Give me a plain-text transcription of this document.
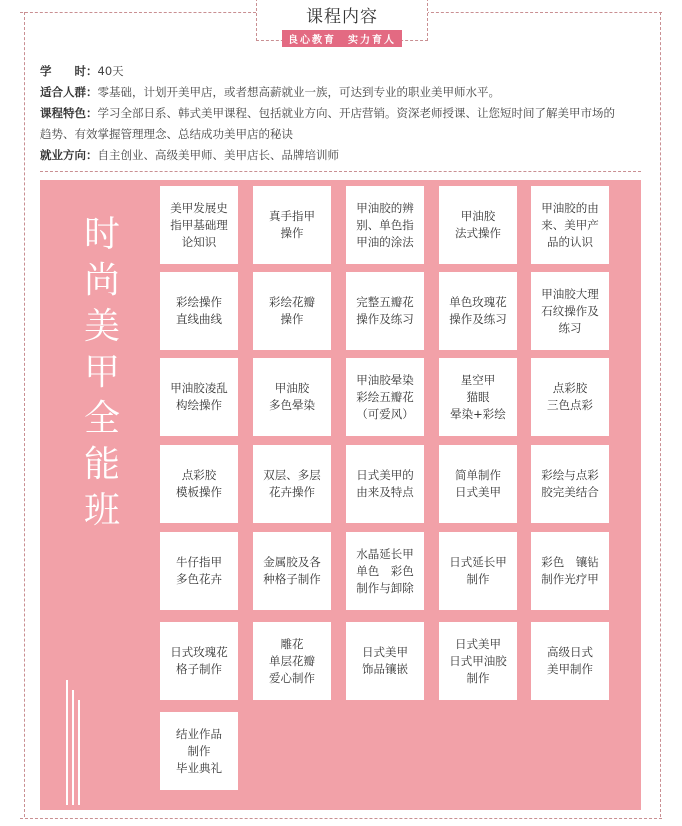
课程内容
良心教育　实力育人
学　　时：40天
适合人群：零基础，计划开美甲店，或者想高薪就业一族，可达到专业的职业美甲师水平。
课程特色：学习全部日系、韩式美甲课程、包括就业方向、开店营销。资深老师授课、让您短时间了解美甲市场的
趋势、有效掌握管理理念、总结成功美甲店的秘诀
就业方向：自主创业、高级美甲师、美甲店长、品牌培训师
时
尚
美
甲
全
能
班
美甲发展史
指甲基础理
论知识
真手指甲
操作
甲油胶的辨
别、单色指
甲油的涂法
甲油胶
法式操作
甲油胶的由
来、美甲产
品的认识
彩绘操作
直线曲线
彩绘花瓣
操作
完整五瓣花
操作及练习
单色玫瑰花
操作及练习
甲油胶大理
石纹操作及
练习
甲油胶凌乱
构绘操作
甲油胶
多色晕染
甲油胶晕染
彩绘五瓣花
（可爱风）
星空甲
猫眼
晕染+彩绘
点彩胶
三色点彩
点彩胶
模板操作
双层、多层
花卉操作
日式美甲的
由来及特点
简单制作
日式美甲
彩绘与点彩
胶完美结合
牛仔指甲
多色花卉
金属胶及各
种格子制作
水晶延长甲
单色　彩色
制作与卸除
日式延长甲
制作
彩色　镶钻
制作光疗甲
日式玫瑰花
格子制作
雕花
单层花瓣
爱心制作
日式美甲
饰品镶嵌
日式美甲
日式甲油胶
制作
高级日式
美甲制作
结业作品
制作
毕业典礼
